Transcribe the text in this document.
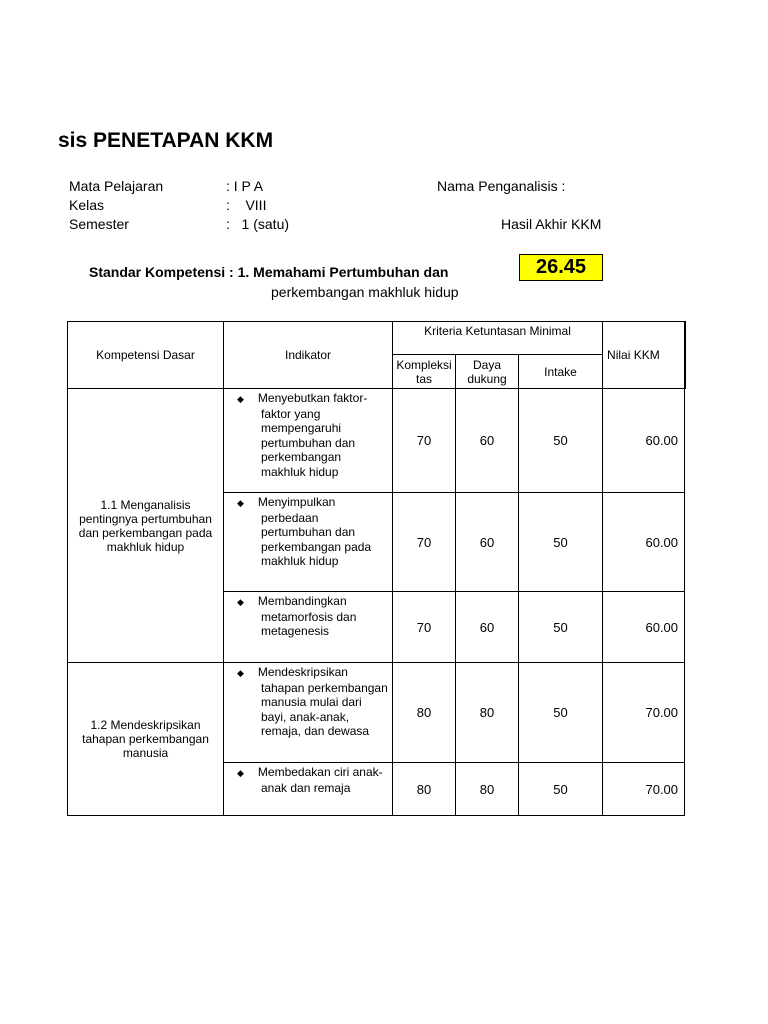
sis PENETAPAN KKM
Mata Pelajaran	: I P A	Nama Penganalisis :
Kelas	:    VIII
Semester	:   1 (satu)	Hasil Akhir KKM
Standar Kompetensi : 1. Memahami Pertumbuhan dan
perkembangan makhluk hidup
26.45
Kompetensi Dasar	Indikator	Kriteria Ketuntasan Minimal			Nilai KKM
		Kompleksi tas	Daya dukung	Intake	
1.1 Menganalisis pentingnya pertumbuhan dan perkembangan pada makhluk hidup	◆ Menyebutkan faktor-faktor yang mempengaruhi pertumbuhan dan perkembangan makhluk hidup	70	60	50	60.00
	◆ Menyimpulkan perbedaan pertumbuhan dan perkembangan pada makhluk hidup	70	60	50	60.00
	◆ Membandingkan metamorfosis dan metagenesis	70	60	50	60.00
1.2 Mendeskripsikan tahapan perkembangan manusia	◆ Mendeskripsikan tahapan perkembangan manusia mulai dari bayi, anak-anak, remaja, dan dewasa	80	80	50	70.00
	◆ Membedakan ciri anak-anak dan remaja	80	80	50	70.00
